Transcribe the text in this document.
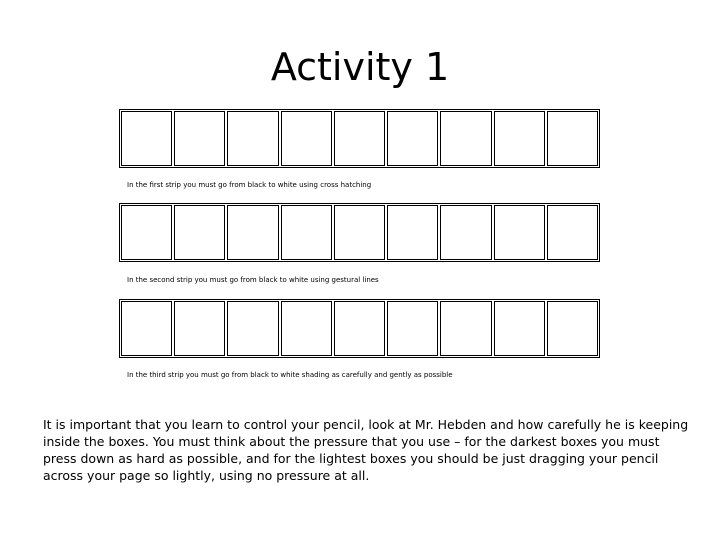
Activity 1
In the first strip you must go from black to white using cross hatching
In the second strip you must go from black to white using gestural lines
In the third strip you must go from black to white shading as carefully and gently as possible
It is important that you learn to control your pencil, look at Mr. Hebden and how carefully he is keeping inside the boxes. You must think about the pressure that you use – for the darkest boxes you must press down as hard as possible, and for the lightest boxes you should be just dragging your pencil across your page so lightly, using no pressure at all.
